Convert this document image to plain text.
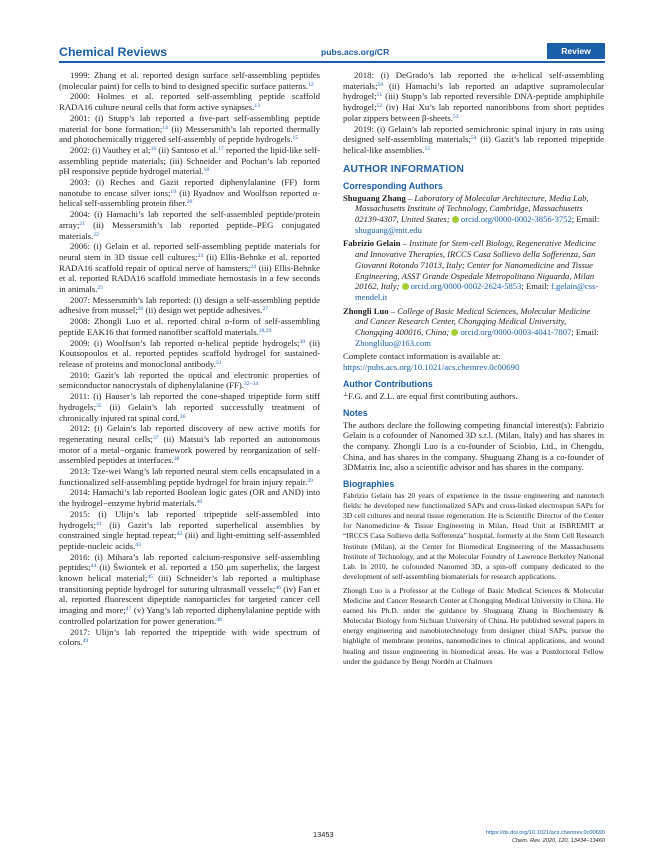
Chemical Reviews	pubs.acs.org/CR	Review

1999: Zhang et al. reported design surface self-assembling peptides (molecular paint) for cells to bind to designed specific surface patterns.$^{12}$

2000: Holmes et al. reported self-assembling peptide scaffold RADA16 culture neural cells that form active synapses.$^{13}$

2001: (i) Stupp’s lab reported a five-part self-assembling peptide material for bone formation;$^{14}$ (ii) Messersmith’s lab reported thermally and photochemically triggered self-assembly of peptide hydrogels.$^{15}$

2002: (i) Vauthey et al;$^{16}$ (ii) Santoso et al.$^{17}$ reported the lipid-like self-assembling peptide materials; (iii) Schneider and Pochan’s lab reported pH responsive peptide hydrogel material.$^{18}$

2003: (i) Reches and Gazit reported diphenylalanine (FF) form nanotube to encase silver ions;$^{19}$ (ii) Ryadnov and Woolfson reported α-helical self-assembling protein fiber.$^{20}$

2004: (i) Hamachi’s lab reported the self-assembled peptide/protein array;$^{21}$ (ii) Messersmith’s lab reported peptide–PEG conjugated materials.$^{22}$

2006: (i) Gelain et al. reported self-assembling peptide materials for neural stem in 3D tissue cell cultures;$^{23}$ (ii) Ellis-Behnke et al. reported RADA16 scaffold repair of optical nerve of hamsters;$^{24}$ (iii) Ellis-Behnke et al. reported RADA16 scaffold immediate hemostasis in a few seconds in animals.$^{25}$

2007: Messersmith’s lab reported: (i) design a self-assembling peptide adhesive from mussel;$^{26}$ (ii) design wet peptide adhesives.$^{27}$

2008: Zhongli Luo et al. reported chiral ᴅ-form of self-assembling peptide EAK16 that formed nanofiber scaffold materials.$^{28,29}$

2009: (i) Woolfson’s lab reported α-helical peptide hydrogels;$^{30}$ (ii) Koutsopoulos et al. reported peptides scaffold hydrogel for sustained-release of proteins and monoclonal antibody.$^{31}$

2010: Gazit’s lab reported the optical and electronic properties of semiconductor nanocrystals of diphenylalanine (FF).$^{32-34}$

2011: (i) Hauser’s lab reported the cone-shaped tripeptide form stiff hydrogels;$^{35}$ (ii) Gelain’s lab reported successfully treatment of chronically injured rat spinal cord.$^{36}$

2012: (i) Gelain’s lab reported discovery of new active motifs for regenerating neural cells;$^{37}$ (ii) Matsui’s lab reported an autonomous motor of a metal−organic framework powered by reorganization of self-assembled peptides at interfaces.$^{38}$

2013: Tze-wei Wang’s lab reported neural stem cells encapsulated in a functionalized self-assembling peptide hydrogel for brain injury repair.$^{39}$

2014: Hamachi’s lab reported Boolean logic gates (OR and AND) into the hydrogel−enzyme hybrid materials.$^{40}$

2015: (i) Ulijn’s lab reported tripeptide self-assembled into hydrogels;$^{41}$ (ii) Gazit’s lab reported superhelical assemblies by constrained single heptad repeat;$^{42}$ (iii) and light-emitting self-assembled peptide-nucleic acids.$^{43}$

2016: (i) Mihara’s lab reported calcium-responsive self-assembling peptides;$^{44}$ (ii) Świontek et al. reported a 150 μm superhelix, the largest known helical material;$^{45}$ (iii) Schneider’s lab reported a multiphase transitioning peptide hydrogel for suturing ultrasmall vessels;$^{46}$ (iv) Fan et al. reported fluorescent dipeptide nanoparticles for targeted cancer cell imaging and more;$^{47}$ (v) Yang’s lab reported diphenylalanine peptide with controlled polarization for power generation.$^{48}$

2017: Ulijn’s lab reported the tripeptide with wide spectrum of colors.$^{49}$

2018: (i) DeGrado’s lab reported the α-helical self-assembling materials;$^{50}$ (ii) Hamachi’s lab reported an adaptive supramolecular hydrogel;$^{51}$ (iii) Stupp’s lab reported reversible DNA-peptide amphiphile hydrogel;$^{52}$ (iv) Hai Xu’s lab reported nanoribbons from short peptides polar zippers between β-sheets.$^{53}$

2019: (i) Gelain’s lab reported semichronic spinal injury in rats using designed self-assembling materials;$^{54}$ (ii) Gazit’s lab reported tripeptide helical-like assemblies.$^{55}$

AUTHOR INFORMATION
Corresponding Authors

Shuguang Zhang – Laboratory of Molecular Architecture, Media Lab, Massachusetts Institute of Technology, Cambridge, Massachusetts 02139-4307, United States; orcid.org/0000-0002-3856-3752; Email: shuguang@mit.edu

Fabrizio Gelain – Institute for Stem-cell Biology, Regenerative Medicine and Innovative Therapies, IRCCS Casa Sollievo della Sofferenza, San Giovanni Rotondo 71013, Italy; Center for Nanomedicine and Tissue Engineering, ASST Grande Ospedale Metropolitano Niguarda, Milan 20162, Italy; orcid.org/0000-0002-2624-5853; Email: f.gelain@css-mendel.it

Zhongli Luo – College of Basic Medical Sciences, Molecular Medicine and Cancer Research Center, Chongqing Medical University, Chongqing 400016, China; orcid.org/0000-0003-4041-7807; Email: Zhongliluo@163.com

Complete contact information is available at:
https://pubs.acs.org/10.1021/acs.chemrev.0c00690

Author Contributions

⊥F.G. and Z.L. are equal first contributing authors.

Notes

The authors declare the following competing financial interest(s): Fabrizio Gelain is a cofounder of Nanomed 3D s.r.l. (Milan, Italy) and has shares in the company. Zhongli Luo is a co-founder of Sciobio, Ltd., in Chengdu, China, and has shares in the company. Shuguang Zhang is a co-founder of 3DMatrix Inc, also a scientific advisor and has shares in the company.

Biographies

Fabrizio Gelain has 20 years of experience in the tissue engineering and nanotech fields: he developed new functionalized SAPs and cross-linked electrospun SAPs for 3D cell cultures and neural tissue regeneration. He is Scientific Director of the Center for Nanomedicine & Tissue Engineering in Milan, Head Unit at ISBREMIT at “IRCCS Casa Sollievo della Sofferenza” hospital, formerly at the Stem Cell Research Institute (Milan), at the Center for Biomedical Engineering of the Massachusetts Institute of Technology, and at the Molecular Foundry of Lawrence Berkeley National Lab. In 2010, he cofounded Nanomed 3D, a spin-off company dedicated to the development of self-assembling biomaterials for research applications.

Zhongli Luo is a Professor at the College of Basic Medical Sciences & Molecular Medicine and Cancer Research Center at Chongqing Medical University in China. He earned his Ph.D. under the guidance by Shuguang Zhang in Biochemistry & Molecular Biology from Sichuan University of China. He published several papers in energy engineering and nanobiotechnology from designer chiral SAPs, pursue the highlight of membrane proteins, nanomedicines to clinical applications, and wound healing and tissue engineering in biomedical areas. He was a Postdoctoral Fellow under the guidance by Bengt Nordén at Chalmers

13453	https://dx.doi.org/10.1021/acs.chemrev.0c00690
Chem. Rev. 2020, 120, 13434−13460
